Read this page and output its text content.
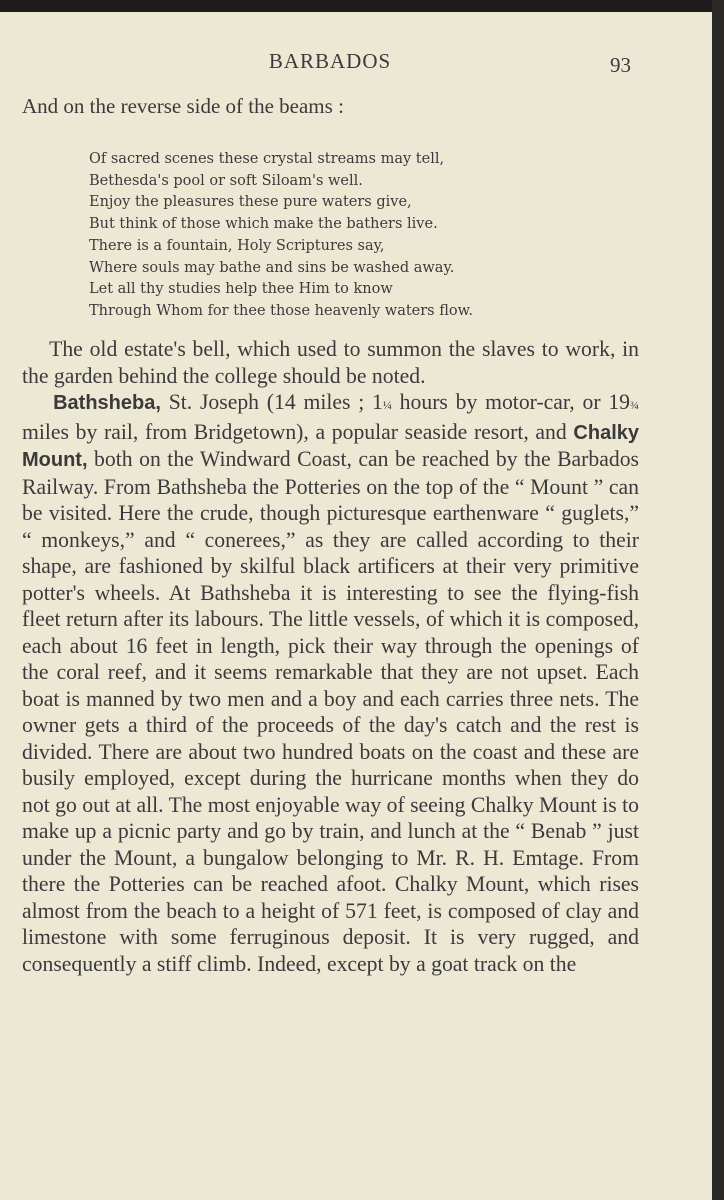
BARBADOS	93
And on the reverse side of the beams :
Of sacred scenes these crystal streams may tell,
Bethesda's pool or soft Siloam's well.
Enjoy the pleasures these pure waters give,
But think of those which make the bathers live.
There is a fountain, Holy Scriptures say,
Where souls may bathe and sins be washed away.
Let all thy studies help thee Him to know
Through Whom for thee those heavenly waters flow.

The old estate's bell, which used to summon the slaves to work, in the garden behind the college should be noted.

Bathsheba, St. Joseph (14 miles ; 1¼ hours by motor-car, or 19¾ miles by rail, from Bridgetown), a popular seaside resort, and Chalky Mount, both on the Windward Coast, can be reached by the Barbados Railway. From Bathsheba the Potteries on the top of the “ Mount ” can be visited. Here the crude, though picturesque earthenware “ guglets,” “ monkeys,” and “ conerees,” as they are called according to their shape, are fashioned by skilful black artificers at their very primitive potter's wheels. At Bathsheba it is interesting to see the flying-fish fleet return after its labours. The little vessels, of which it is composed, each about 16 feet in length, pick their way through the openings of the coral reef, and it seems remarkable that they are not upset. Each boat is manned by two men and a boy and each carries three nets. The owner gets a third of the proceeds of the day's catch and the rest is divided. There are about two hundred boats on the coast and these are busily employed, except during the hurricane months when they do not go out at all. The most enjoyable way of seeing Chalky Mount is to make up a picnic party and go by train, and lunch at the “ Benab ” just under the Mount, a bungalow belonging to Mr. R. H. Emtage. From there the Potteries can be reached afoot. Chalky Mount, which rises almost from the beach to a height of 571 feet, is composed of clay and limestone with some ferruginous deposit. It is very rugged, and consequently a stiff climb. Indeed, except by a goat track on the
